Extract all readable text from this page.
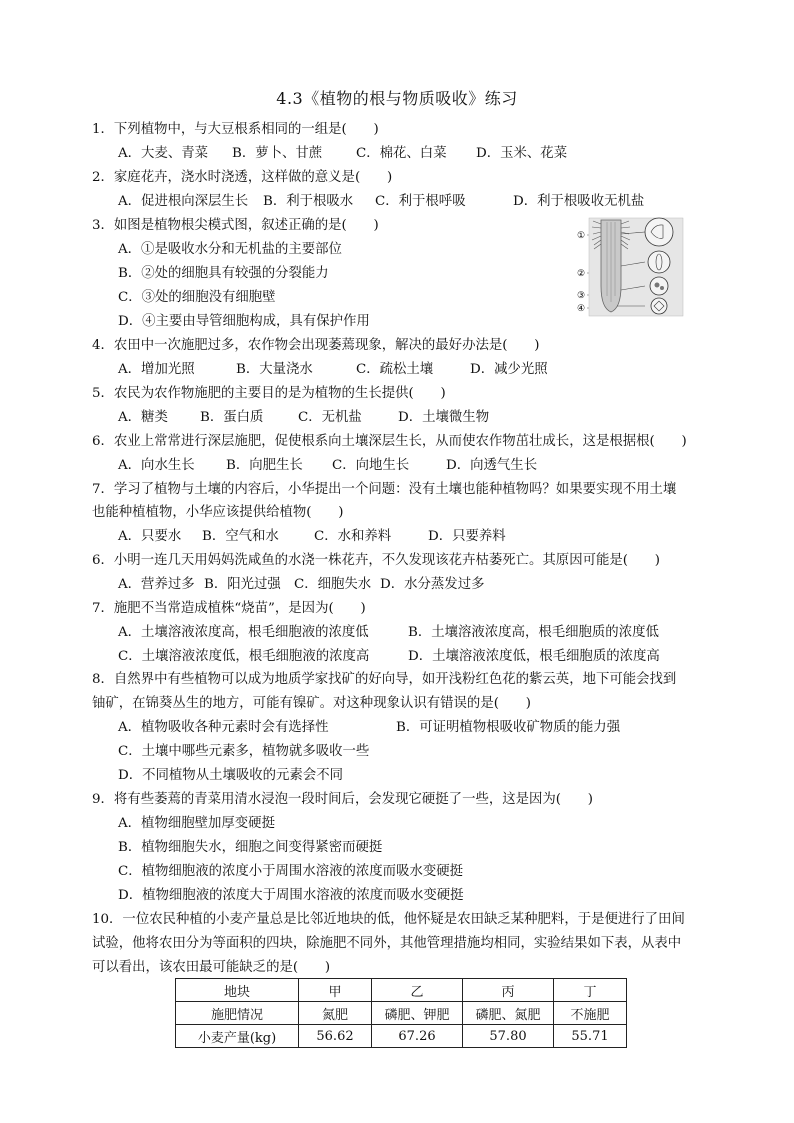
4.3《植物的根与物质吸收》练习
1．下列植物中，与大豆根系相同的一组是(　　)
A．大麦、青菜 B．萝卜、甘蔗	C．棉花、白菜 D．玉米、花菜
2．家庭花卉，浇水时浇透，这样做的意义是(　　)
A．促进根向深层生长 B．利于根吸水 C．利于根呼吸	D．利于根吸收无机盐
3．如图是植物根尖模式图，叙述正确的是(　　)
A．①是吸收水分和无机盐的主要部位
B．②处的细胞具有较强的分裂能力
C．③处的细胞没有细胞壁
D．④主要由导管细胞构成，具有保护作用
①
②
③
④
4．农田中一次施肥过多，农作物会出现萎蔫现象，解决的最好办法是(　　)
A．增加光照	B．大量浇水	C．疏松土壤	D．减少光照
5．农民为农作物施肥的主要目的是为植物的生长提供(　　)
A．糖类 B．蛋白质	C．无机盐	D．土壤微生物
6．农业上常常进行深层施肥，促使根系向土壤深层生长，从而使农作物茁壮成长，这是根据根(　　)
A．向水生长 B．向肥生长 C．向地生长	D．向透气生长
7．学习了植物与土壤的内容后，小华提出一个问题：没有土壤也能种植物吗？如果要实现不用土壤
也能种植植物，小华应该提供给植物(　　)
A．只要水 B．空气和水	C．水和养料	D．只要养料
6．小明一连几天用妈妈洗咸鱼的水浇一株花卉，不久发现该花卉枯萎死亡。其原因可能是(　　)
A．营养过多 B．阳光过强 C．细胞失水 D．水分蒸发过多
7．施肥不当常造成植株“烧苗”，是因为(　　)
A．土壤溶液浓度高，根毛细胞液的浓度低	B．土壤溶液浓度高，根毛细胞质的浓度低
C．土壤溶液浓度低，根毛细胞液的浓度高	D．土壤溶液浓度低，根毛细胞质的浓度高
8．自然界中有些植物可以成为地质学家找矿的好向导，如开浅粉红色花的紫云英，地下可能会找到
铀矿，在锦葵丛生的地方，可能有镍矿。对这种现象认识有错误的是(　　)
A．植物吸收各种元素时会有选择性	B．可证明植物根吸收矿物质的能力强
C．土壤中哪些元素多，植物就多吸收一些
D．不同植物从土壤吸收的元素会不同
9．将有些萎蔫的青菜用清水浸泡一段时间后，会发现它硬挺了一些，这是因为(　　)
A．植物细胞壁加厚变硬挺
B．植物细胞失水，细胞之间变得紧密而硬挺
C．植物细胞液的浓度小于周围水溶液的浓度而吸水变硬挺
D．植物细胞液的浓度大于周围水溶液的浓度而吸水变硬挺
10．一位农民种植的小麦产量总是比邻近地块的低，他怀疑是农田缺乏某种肥料，于是便进行了田间
试验，他将农田分为等面积的四块，除施肥不同外，其他管理措施均相同，实验结果如下表，从表中
可以看出，该农田最可能缺乏的是(　　)
地块	甲	乙	丙	丁
施肥情况	氮肥	磷肥、钾肥	磷肥、氮肥	不施肥
小麦产量(kg)	56.62	67.26	57.80	55.71
